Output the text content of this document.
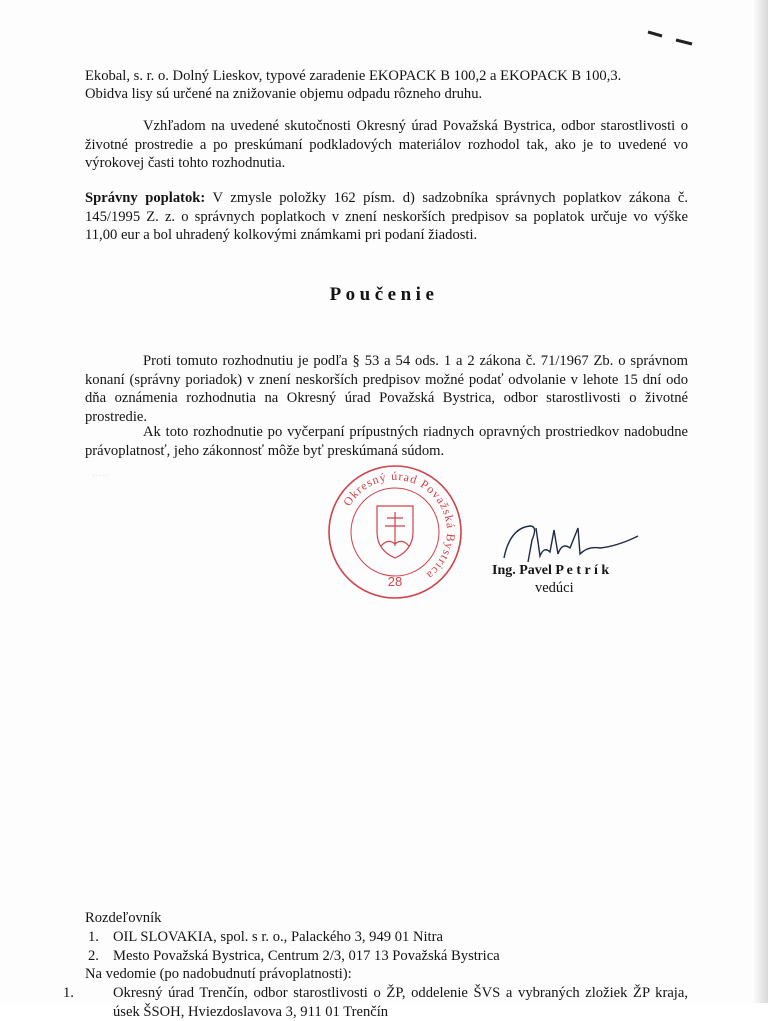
Ekobal, s. r. o. Dolný Lieskov, typové zaradenie EKOPACK B 100,2 a EKOPACK B 100,3.

Obidva lisy sú určené na znižovanie objemu odpadu rôzneho druhu.

Vzhľadom na uvedené skutočnosti Okresný úrad Považská Bystrica, odbor starostlivosti o životné prostredie a po preskúmaní podkladových materiálov rozhodol tak, ako je to uvedené vo výrokovej časti tohto rozhodnutia.

Správny poplatok: V zmysle položky 162 písm. d) sadzobníka správnych poplatkov zákona č. 145/1995 Z. z. o správnych poplatkoch v znení neskorších predpisov sa poplatok určuje vo výške 11,00 eur a bol uhradený kolkovými známkami pri podaní žiadosti.

Poučenie

Proti tomuto rozhodnutiu je podľa § 53 a 54 ods. 1 a 2 zákona č. 71/1967 Zb. o správnom konaní (správny poriadok) v znení neskorších predpisov možné podať odvolanie v lehote 15 dní odo dňa oznámenia rozhodnutia na Okresný úrad Považská Bystrica, odbor starostlivosti o životné prostredie.

Ak toto rozhodnutie po vyčerpaní prípustných riadnych opravných prostriedkov nadobudne právoplatnosť, jeho zákonnosť môže byť preskúmaná súdom.

·····
Okresný úrad Považská Bystrica
28
Ing. Pavel P e t r í k
vedúci
Rozdeľovník
1. OIL SLOVAKIA, spol. s r. o., Palackého 3, 949 01 Nitra
2. Mesto Považská Bystrica, Centrum 2/3, 017 13 Považská Bystrica
Na vedomie (po nadobudnutí právoplatnosti):
1.	Okresný úrad Trenčín, odbor starostlivosti o ŽP, oddelenie ŠVS a vybraných zložiek ŽP kraja, úsek ŠSOH, Hviezdoslavova 3, 911 01 Trenčín
